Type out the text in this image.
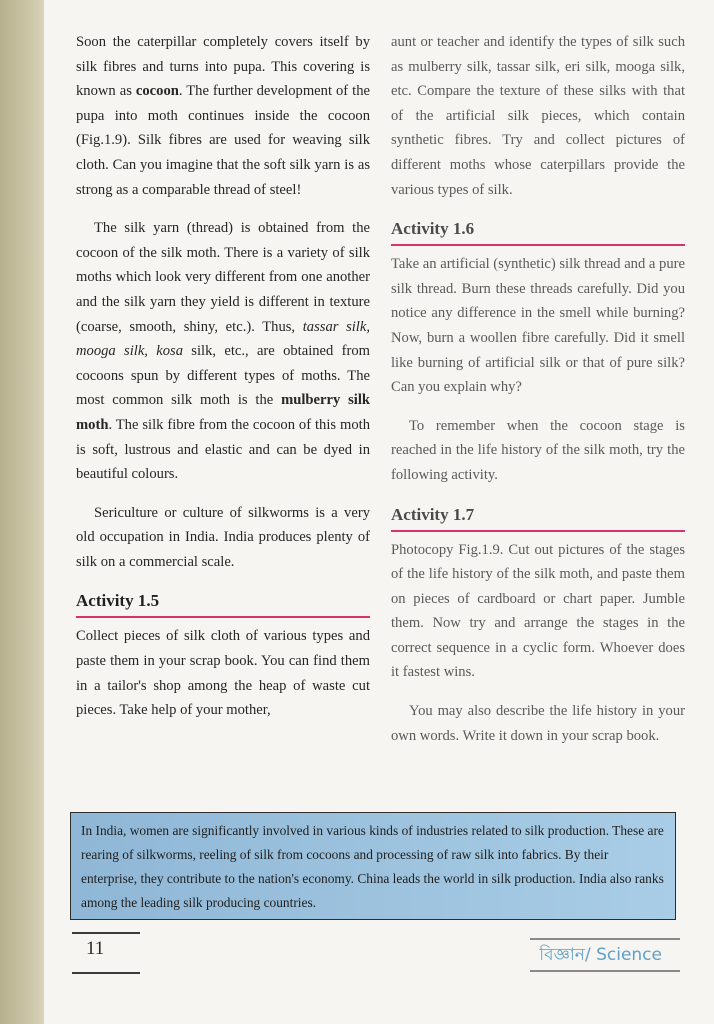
Soon the caterpillar completely covers itself by silk fibres and turns into pupa. This covering is known as cocoon. The further development of the pupa into moth continues inside the cocoon (Fig.1.9). Silk fibres are used for weaving silk cloth. Can you imagine that the soft silk yarn is as strong as a comparable thread of steel!

The silk yarn (thread) is obtained from the cocoon of the silk moth. There is a variety of silk moths which look very different from one another and the silk yarn they yield is different in texture (coarse, smooth, shiny, etc.). Thus, tassar silk, mooga silk, kosa silk, etc., are obtained from cocoons spun by different types of moths. The most common silk moth is the mulberry silk moth. The silk fibre from the cocoon of this moth is soft, lustrous and elastic and can be dyed in beautiful colours.

Sericulture or culture of silkworms is a very old occupation in India. India produces plenty of silk on a commercial scale.

Activity 1.5

Collect pieces of silk cloth of various types and paste them in your scrap book. You can find them in a tailor's shop among the heap of waste cut pieces. Take help of your mother,

aunt or teacher and identify the types of silk such as mulberry silk, tassar silk, eri silk, mooga silk, etc. Compare the texture of these silks with that of the artificial silk pieces, which contain synthetic fibres. Try and collect pictures of different moths whose caterpillars provide the various types of silk.

Activity 1.6

Take an artificial (synthetic) silk thread and a pure silk thread. Burn these threads carefully. Did you notice any difference in the smell while burning? Now, burn a woollen fibre carefully. Did it smell like burning of artificial silk or that of pure silk? Can you explain why?

To remember when the cocoon stage is reached in the life history of the silk moth, try the following activity.

Activity 1.7

Photocopy Fig.1.9. Cut out pictures of the stages of the life history of the silk moth, and paste them on pieces of cardboard or chart paper. Jumble them. Now try and arrange the stages in the correct sequence in a cyclic form. Whoever does it fastest wins.

You may also describe the life history in your own words. Write it down in your scrap book.

In India, women are significantly involved in various kinds of industries related to silk production. These are rearing of silkworms, reeling of silk from cocoons and processing of raw silk into fabrics. By their enterprise, they contribute to the nation's economy. China leads the world in silk production. India also ranks among the leading silk producing countries.
11	বিজ্ঞান/ Science
